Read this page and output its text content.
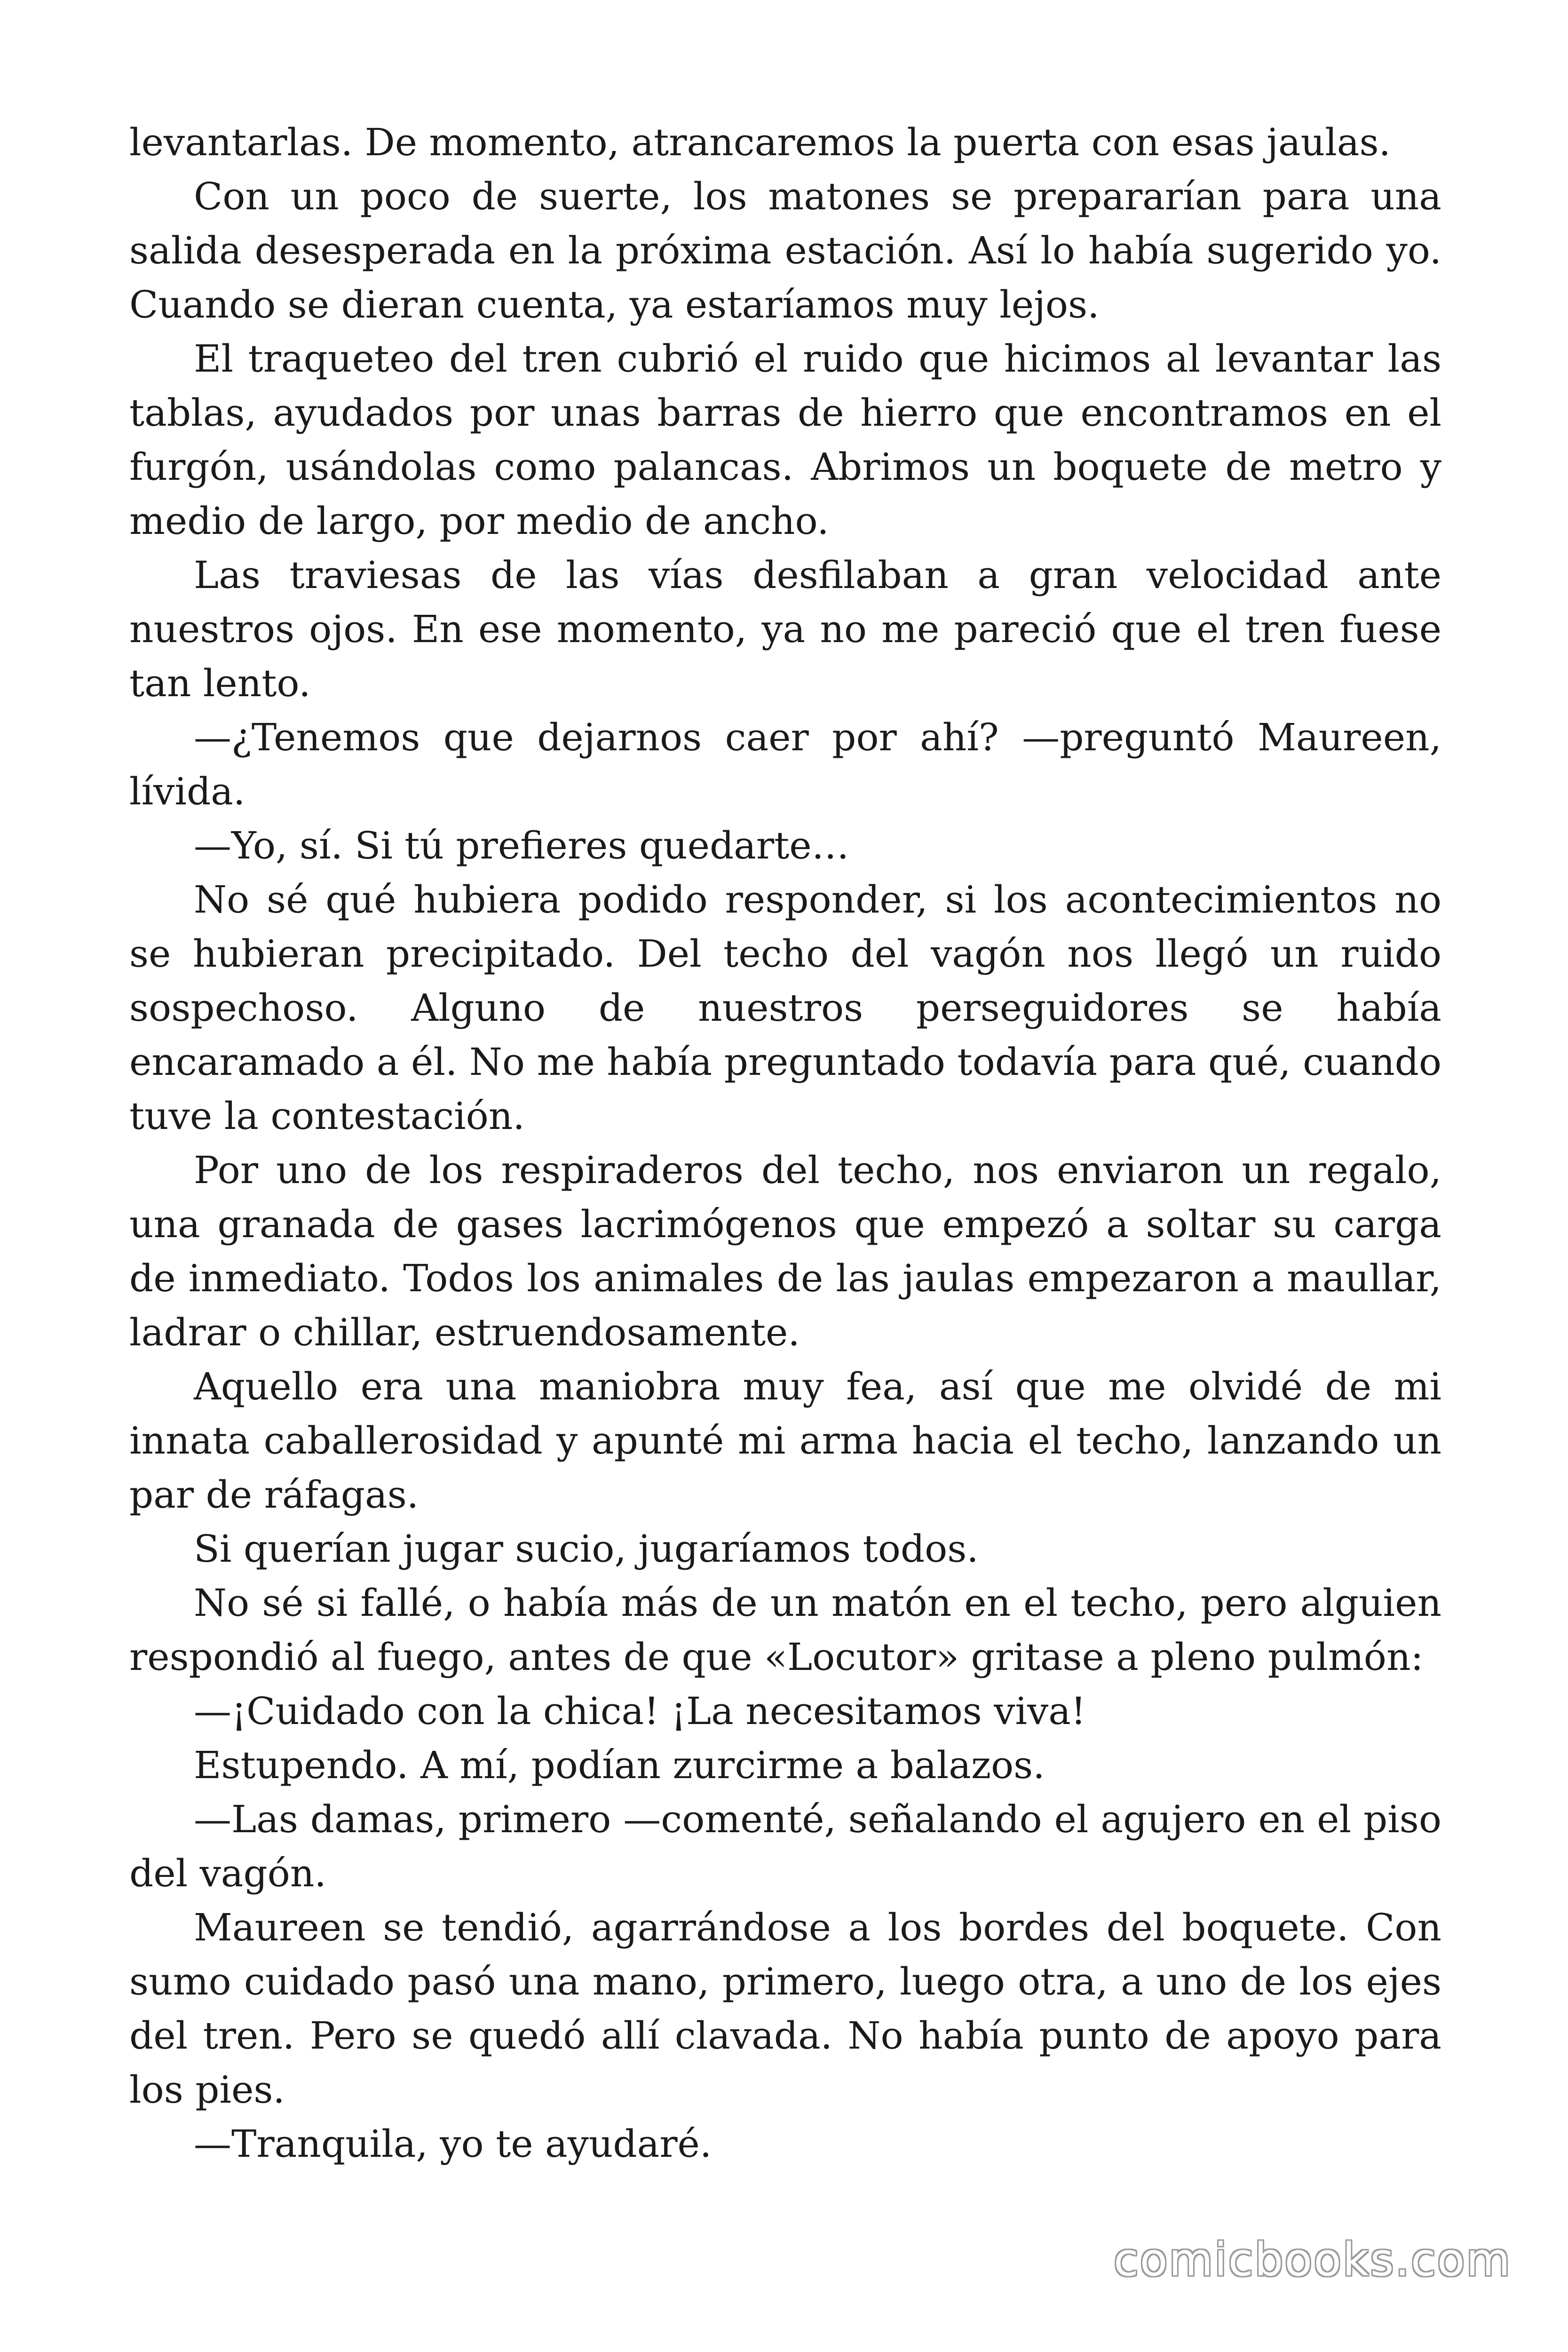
levantarlas. De momento, atrancaremos la puerta con esas jaulas.

Con un poco de suerte, los matones se prepararían para una salida desesperada en la próxima estación. Así lo había sugerido yo. Cuando se dieran cuenta, ya estaríamos muy lejos.

El traqueteo del tren cubrió el ruido que hicimos al levantar las tablas, ayudados por unas barras de hierro que encontramos en el furgón, usándolas como palancas. Abrimos un boquete de metro y medio de largo, por medio de ancho.

Las traviesas de las vías desfilaban a gran velocidad ante nuestros ojos. En ese momento, ya no me pareció que el tren fuese tan lento.

—¿Tenemos que dejarnos caer por ahí? —preguntó Maureen, lívida.

—Yo, sí. Si tú prefieres quedarte…

No sé qué hubiera podido responder, si los acontecimientos no se hubieran precipitado. Del techo del vagón nos llegó un ruido sospechoso. Alguno de nuestros perseguidores se había encaramado a él. No me había preguntado todavía para qué, cuando tuve la contestación.

Por uno de los respiraderos del techo, nos enviaron un regalo, una granada de gases lacrimógenos que empezó a soltar su carga de inmediato. Todos los animales de las jaulas empezaron a maullar, ladrar o chillar, estruendosamente.

Aquello era una maniobra muy fea, así que me olvidé de mi innata caballerosidad y apunté mi arma hacia el techo, lanzando un par de ráfagas.

Si querían jugar sucio, jugaríamos todos.

No sé si fallé, o había más de un matón en el techo, pero alguien respondió al fuego, antes de que «Locutor» gritase a pleno pulmón:

—¡Cuidado con la chica! ¡La necesitamos viva!

Estupendo. A mí, podían zurcirme a balazos.

—Las damas, primero —comenté, señalando el agujero en el piso del vagón.

Maureen se tendió, agarrándose a los bordes del boquete. Con sumo cuidado pasó una mano, primero, luego otra, a uno de los ejes del tren. Pero se quedó allí clavada. No había punto de apoyo para los pies.

—Tranquila, yo te ayudaré.

comicbooks.com
